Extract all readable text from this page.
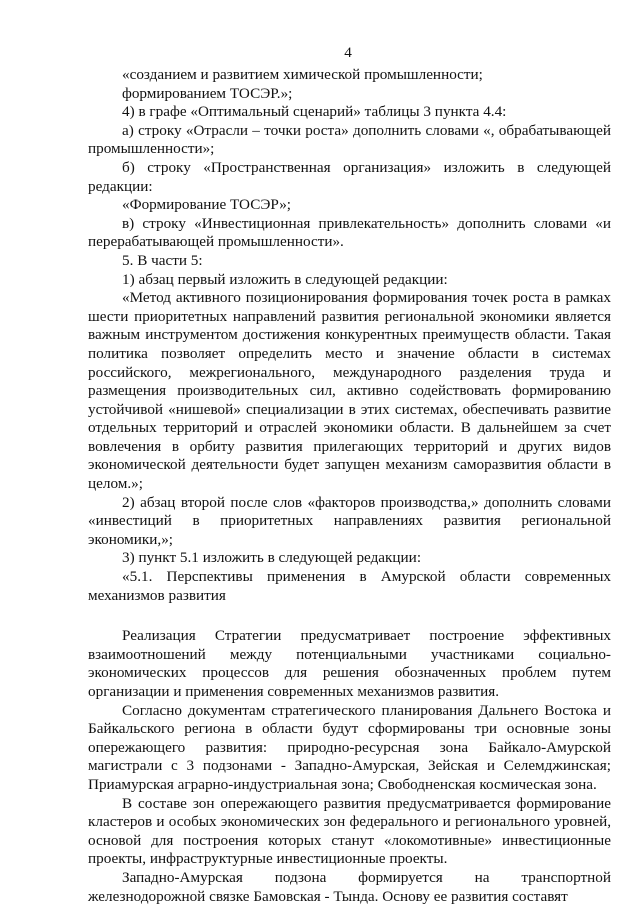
4

«созданием и развитием химической промышленности;

формированием ТОСЭР.»;

4) в графе «Оптимальный сценарий» таблицы 3 пункта 4.4:

а) строку «Отрасли – точки роста» дополнить словами «, обрабатывающей промышленности»;

б) строку «Пространственная организация» изложить в следующей редакции:

«Формирование ТОСЭР»;

в) строку «Инвестиционная привлекательность» дополнить словами «и перерабатывающей промышленности».

5. В части 5:

1) абзац первый изложить в следующей редакции:

«Метод активного позиционирования формирования точек роста в рамках шести приоритетных направлений развития региональной экономики является важным инструментом достижения конкурентных преимуществ области. Такая политика позволяет определить место и значение области в системах российского, межрегионального, международного разделения труда и размещения производительных сил, активно содействовать формированию устойчивой «нишевой» специализации в этих системах, обеспечивать развитие отдельных территорий и отраслей экономики области. В дальнейшем за счет вовлечения в орбиту развития прилегающих территорий и других видов экономической деятельности будет запущен механизм саморазвития области в целом.»;

2) абзац второй после слов «факторов производства,» дополнить словами «инвестиций в приоритетных направлениях развития региональной экономики,»;

3) пункт 5.1 изложить в следующей редакции:

«5.1. Перспективы применения в Амурской области современных механизмов развития

Реализация Стратегии предусматривает построение эффективных взаимоотношений между потенциальными участниками социально-экономических процессов для решения обозначенных проблем путем организации и применения современных механизмов развития.

Согласно документам стратегического планирования Дальнего Востока и Байкальского региона в области будут сформированы три основные зоны опережающего развития: природно-ресурсная зона Байкало-Амурской магистрали с 3 подзонами - Западно-Амурская, Зейская и Селемджинская; Приамурская аграрно-индустриальная зона; Свободненская космическая зона.

В составе зон опережающего развития предусматривается формирование кластеров и особых экономических зон федерального и регионального уровней, основой для построения которых станут «локомотивные» инвестиционные проекты, инфраструктурные инвестиционные проекты.

Западно-Амурская подзона формируется на транспортной железнодорожной связке Бамовская - Тында. Основу ее развития составят
